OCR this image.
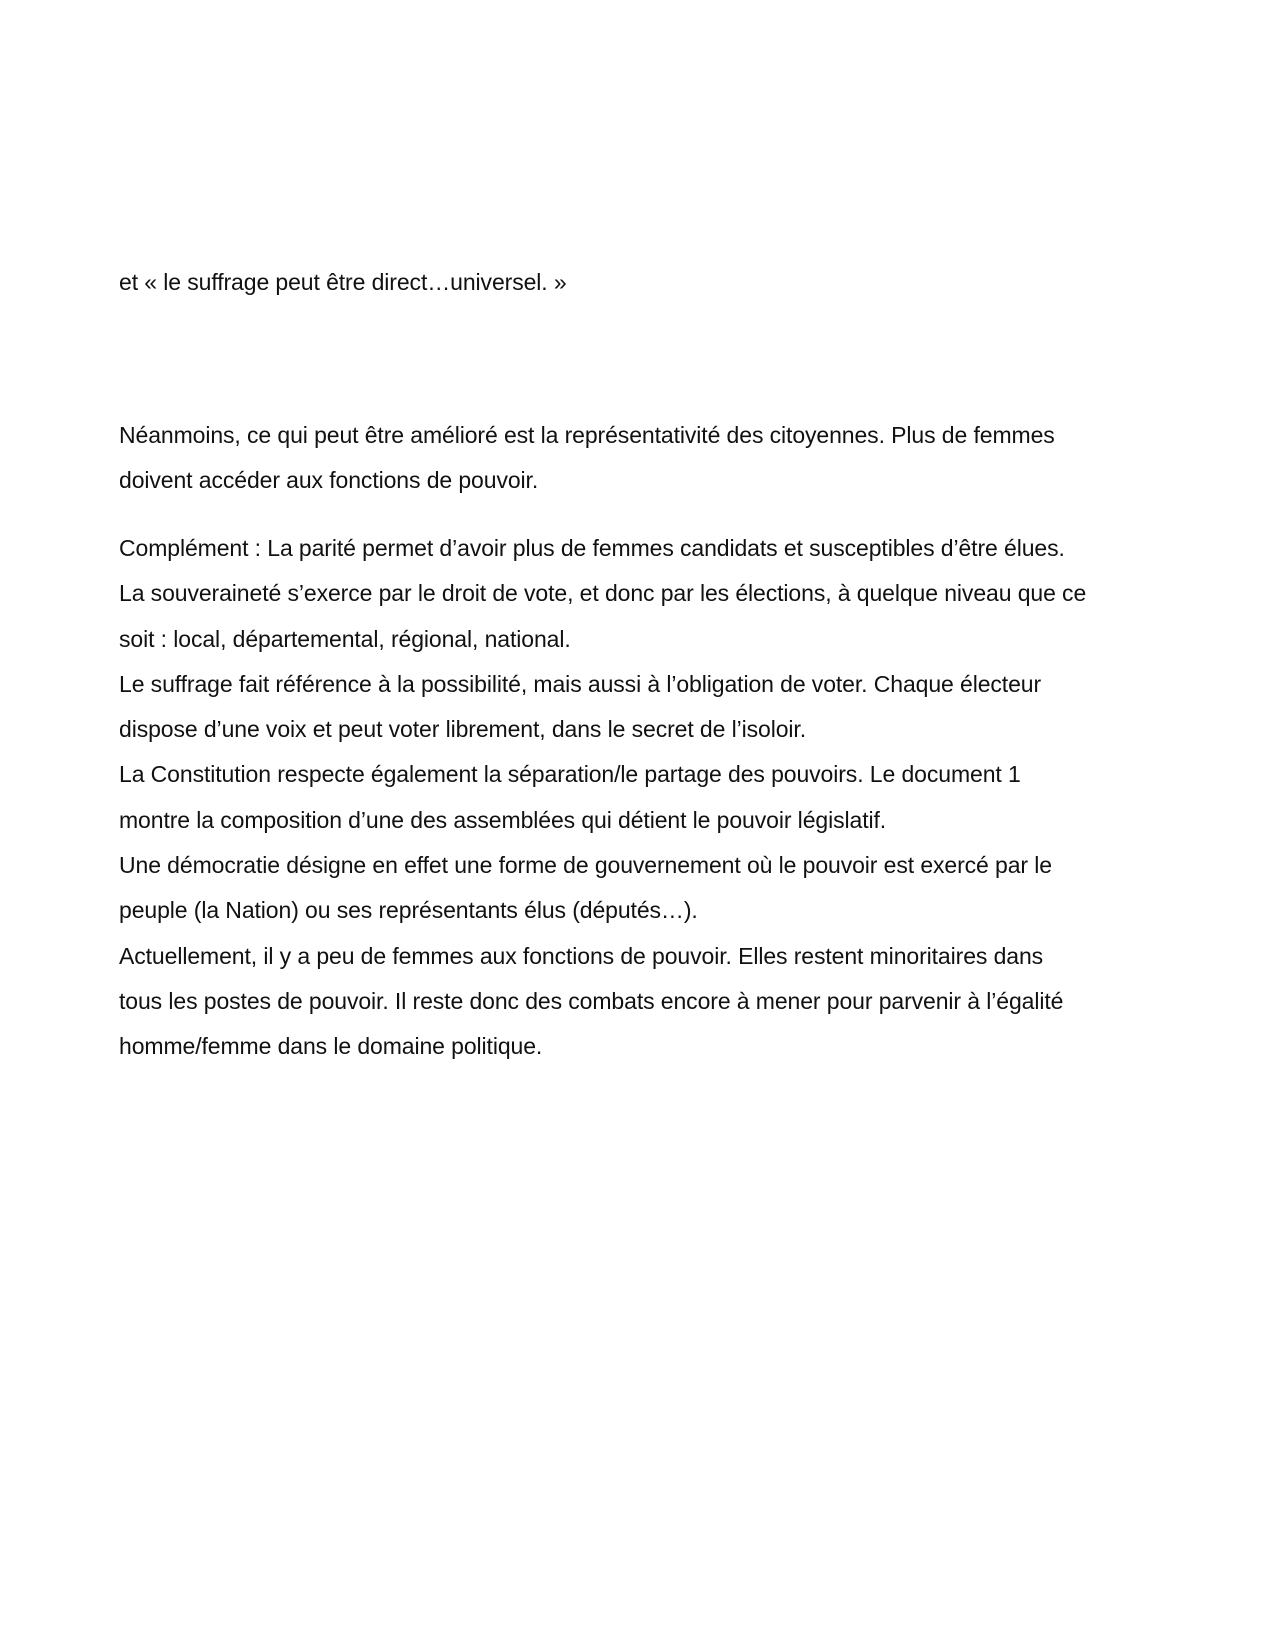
et « le suffrage peut être direct…universel. »

Néanmoins, ce qui peut être amélioré est la représentativité des citoyennes. Plus de femmes

doivent accéder aux fonctions de pouvoir.

Complément : La parité permet d’avoir plus de femmes candidats et susceptibles d’être élues.

La souveraineté s’exerce par le droit de vote, et donc par les élections, à quelque niveau que ce

soit : local, départemental, régional, national.

Le suffrage fait référence à la possibilité, mais aussi à l’obligation de voter. Chaque électeur

dispose d’une voix et peut voter librement, dans le secret de l’isoloir.

La Constitution respecte également la séparation/le partage des pouvoirs. Le document 1

montre la composition d’une des assemblées qui détient le pouvoir législatif.

Une démocratie désigne en effet une forme de gouvernement où le pouvoir est exercé par le

peuple (la Nation) ou ses représentants élus (députés…).

Actuellement, il y a peu de femmes aux fonctions de pouvoir. Elles restent minoritaires dans

tous les postes de pouvoir. Il reste donc des combats encore à mener pour parvenir à l’égalité

homme/femme dans le domaine politique.
